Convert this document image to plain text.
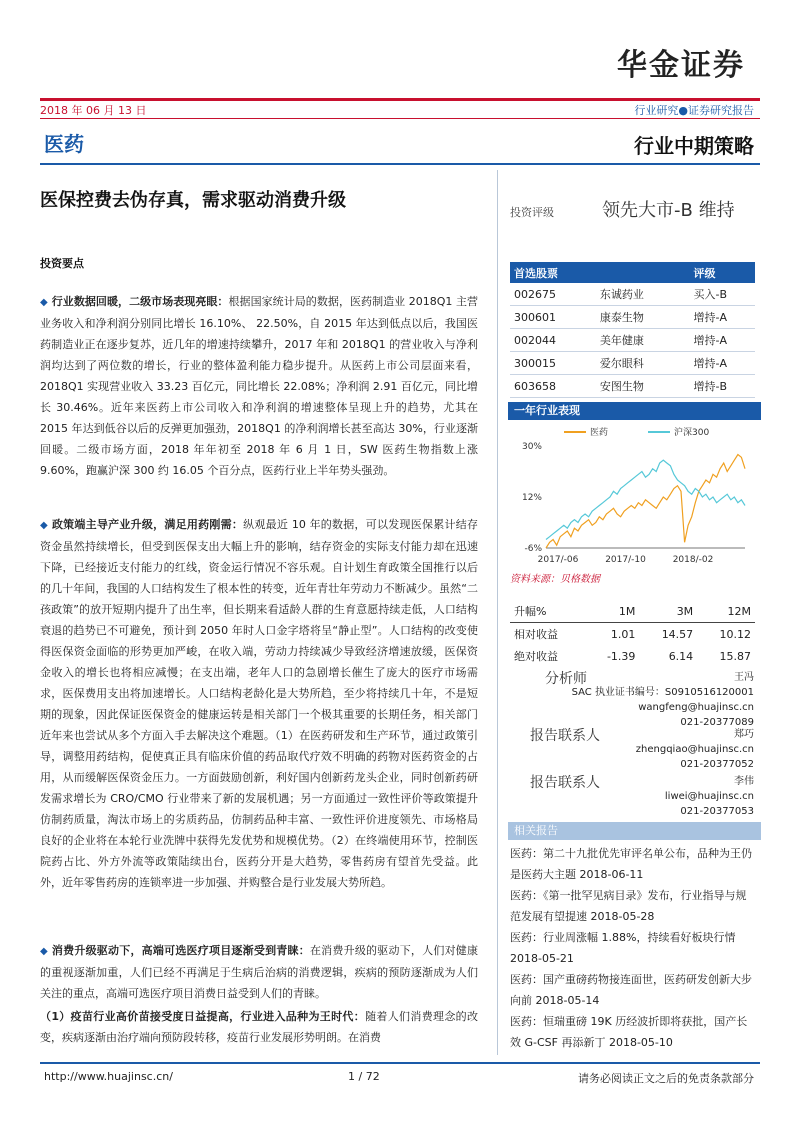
华金证券
2018 年 06 月 13 日	行业研究●证券研究报告
医药	行业中期策略
医保控费去伪存真，需求驱动消费升级
投资评级	领先大市-B 维持
投资要点
◆ 行业数据回暖，二级市场表现亮眼：根据国家统计局的数据，医药制造业 2018Q1 主营业务收入和净利润分别同比增长 16.10%、 22.50%，自 2015 年达到低点以后，我国医药制造业正在逐步复苏，近几年的增速持续攀升，2017 年和 2018Q1 的营业收入与净利润均达到了两位数的增长，行业的整体盈利能力稳步提升。从医药上市公司层面来看，2018Q1 实现营业收入 33.23 百亿元，同比增长 22.08%；净利润 2.91 百亿元，同比增长 30.46%。近年来医药上市公司收入和净利润的增速整体呈现上升的趋势，尤其在 2015 年达到低谷以后的反弹更加强劲，2018Q1 的净利润增长甚至高达 30%，行业逐渐回暖。二级市场方面，2018 年年初至 2018 年 6 月 1 日，SW 医药生物指数上涨 9.60%，跑赢沪深 300 约 16.05 个百分点，医药行业上半年势头强劲。
◆ 政策端主导产业升级，满足用药刚需：纵观最近 10 年的数据，可以发现医保累计结存资金虽然持续增长，但受到医保支出大幅上升的影响，结存资金的实际支付能力却在迅速下降，已经接近支付能力的红线，资金运行情况不容乐观。自计划生育政策全国推行以后的几十年间，我国的人口结构发生了根本性的转变，近年青壮年劳动力不断减少。虽然“二孩政策”的放开短期内提升了出生率，但长期来看适龄人群的生育意愿持续走低，人口结构衰退的趋势已不可避免，预计到 2050 年时人口金字塔将呈“静止型”。人口结构的改变使得医保资金面临的形势更加严峻，在收入端，劳动力持续减少导致经济增速放缓，医保资金收入的增长也将相应减慢；在支出端，老年人口的急剧增长催生了庞大的医疗市场需求，医保费用支出将加速增长。人口结构老龄化是大势所趋，至少将持续几十年，不是短期的现象，因此保证医保资金的健康运转是相关部门一个极其重要的长期任务，相关部门近年来也尝试从多个方面入手去解决这个难题。（1）在医药研发和生产环节，通过政策引导，调整用药结构，促使真正具有临床价值的药品取代疗效不明确的药物对医药资金的占用，从而缓解医保资金压力。一方面鼓励创新，利好国内创新药龙头企业，同时创新药研发需求增长为 CRO/CMO 行业带来了新的发展机遇；另一方面通过一致性评价等政策提升仿制药质量，淘汰市场上的劣质药品，仿制药品种丰富、一致性评价进度领先、市场格局良好的企业将在本轮行业洗牌中获得先发优势和规模优势。（2）在终端使用环节，控制医院药占比、外方外流等政策陆续出台，医药分开是大趋势，零售药房有望首先受益。此外，近年零售药房的连锁率进一步加强、并购整合是行业发展大势所趋。
◆ 消费升级驱动下，高端可选医疗项目逐渐受到青睐：在消费升级的驱动下，人们对健康的重视逐渐加重，人们已经不再满足于生病后治病的消费逻辑，疾病的预防逐渐成为人们关注的重点，高端可选医疗项目消费日益受到人们的青睐。
（1）疫苗行业高价苗接受度日益提高，行业进入品种为王时代：随着人们消费理念的改变，疾病逐渐由治疗端向预防段转移，疫苗行业发展形势明朗。在消费
首选股票		评级
002675	东诚药业	买入-B
300601	康泰生物	增持-A
002044	美年健康	增持-A
300015	爱尔眼科	增持-A
603658	安图生物	增持-B
一年行业表现
30%
12%
-6%
2017/-06	2017/-10	2018/-02
医药	沪深300
资料来源：贝格数据
升幅%	1M	3M	12M
相对收益	1.01	14.57	10.12
绝对收益	-1.39	6.14	15.87
分析师	王冯
SAC 执业证书编号：S0910516120001
wangfeng@huajinsc.cn
021-20377089
报告联系人	郑巧
zhengqiao@huajinsc.cn
021-20377052
报告联系人	李伟
liwei@huajinsc.cn
021-20377053
相关报告

医药：第二十九批优先审评名单公布，品种为王仍是医药大主题 2018-06-11

医药：《第一批罕见病目录》发布，行业指导与规范发展有望提速 2018-05-28

医药：行业周涨幅 1.88%，持续看好板块行情 2018-05-21

医药：国产重磅药物接连面世，医药研发创新大步向前 2018-05-14

医药：恒瑞重磅 19K 历经波折即将获批，国产长效 G-CSF 再添新丁 2018-05-10

http://www.huajinsc.cn/	1 / 72	请务必阅读正文之后的免责条款部分
